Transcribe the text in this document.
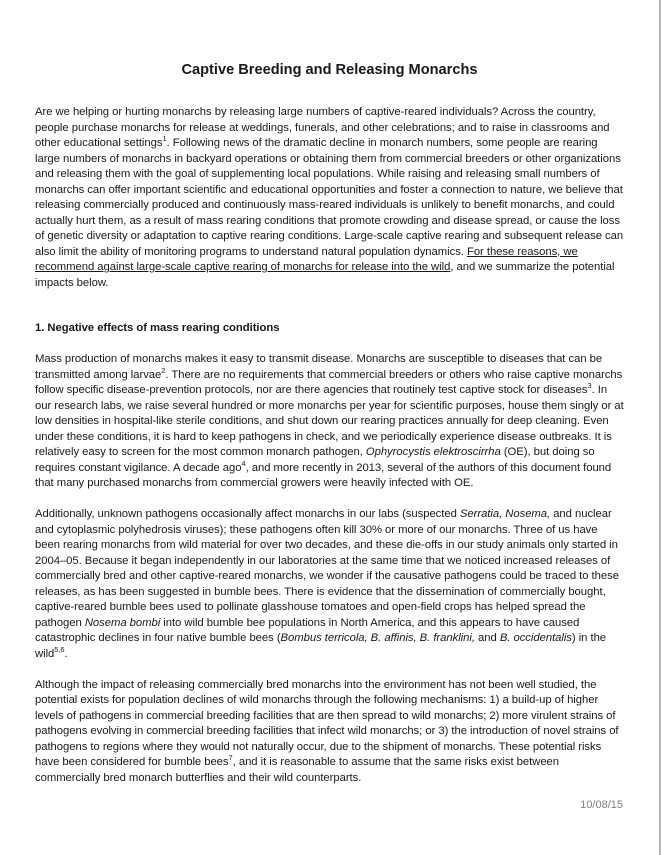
Captive Breeding and Releasing Monarchs

Are we helping or hurting monarchs by releasing large numbers of captive-reared individuals? Across the country, people purchase monarchs for release at weddings, funerals, and other celebrations; and to raise in classrooms and other educational settings$^1$. Following news of the dramatic decline in monarch numbers, some people are rearing large numbers of monarchs in backyard operations or obtaining them from commercial breeders or other organizations and releasing them with the goal of supplementing local populations. While raising and releasing small numbers of monarchs can offer important scientific and educational opportunities and foster a connection to nature, we believe that releasing commercially produced and continuously mass-reared individuals is unlikely to benefit monarchs, and could actually hurt them, as a result of mass rearing conditions that promote crowding and disease spread, or cause the loss of genetic diversity or adaptation to captive rearing conditions. Large-scale captive rearing and subsequent release can also limit the ability of monitoring programs to understand natural population dynamics. For these reasons, we recommend against large-scale captive rearing of monarchs for release into the wild, and we summarize the potential impacts below.

1. Negative effects of mass rearing conditions

Mass production of monarchs makes it easy to transmit disease. Monarchs are susceptible to diseases that can be transmitted among larvae$^2$. There are no requirements that commercial breeders or others who raise captive monarchs follow specific disease-prevention protocols, nor are there agencies that routinely test captive stock for diseases$^3$. In our research labs, we raise several hundred or more monarchs per year for scientific purposes, house them singly or at low densities in hospital-like sterile conditions, and shut down our rearing practices annually for deep cleaning. Even under these conditions, it is hard to keep pathogens in check, and we periodically experience disease outbreaks. It is relatively easy to screen for the most common monarch pathogen, Ophyrocystis elektroscirrha (OE), but doing so requires constant vigilance. A decade ago$^4$, and more recently in 2013, several of the authors of this document found that many purchased monarchs from commercial growers were heavily infected with OE.

Additionally, unknown pathogens occasionally affect monarchs in our labs (suspected Serratia, Nosema, and nuclear and cytoplasmic polyhedrosis viruses); these pathogens often kill 30% or more of our monarchs. Three of us have been rearing monarchs from wild material for over two decades, and these die-offs in our study animals only started in 2004–05. Because it began independently in our laboratories at the same time that we noticed increased releases of commercially bred and other captive-reared monarchs, we wonder if the causative pathogens could be traced to these releases, as has been suggested in bumble bees. There is evidence that the dissemination of commercially bought, captive-reared bumble bees used to pollinate glasshouse tomatoes and open-field crops has helped spread the pathogen Nosema bombi into wild bumble bee populations in North America, and this appears to have caused catastrophic declines in four native bumble bees (Bombus terricola, B. affinis, B. franklini, and B. occidentalis) in the wild$^{5,6}$.

Although the impact of releasing commercially bred monarchs into the environment has not been well studied, the potential exists for population declines of wild monarchs through the following mechanisms: 1) a build-up of higher levels of pathogens in commercial breeding facilities that are then spread to wild monarchs; 2) more virulent strains of pathogens evolving in commercial breeding facilities that infect wild monarchs; or 3) the introduction of novel strains of pathogens to regions where they would not naturally occur, due to the shipment of monarchs. These potential risks have been considered for bumble bees$^7$, and it is reasonable to assume that the same risks exist between commercially bred monarch butterflies and their wild counterparts.

10/08/15
